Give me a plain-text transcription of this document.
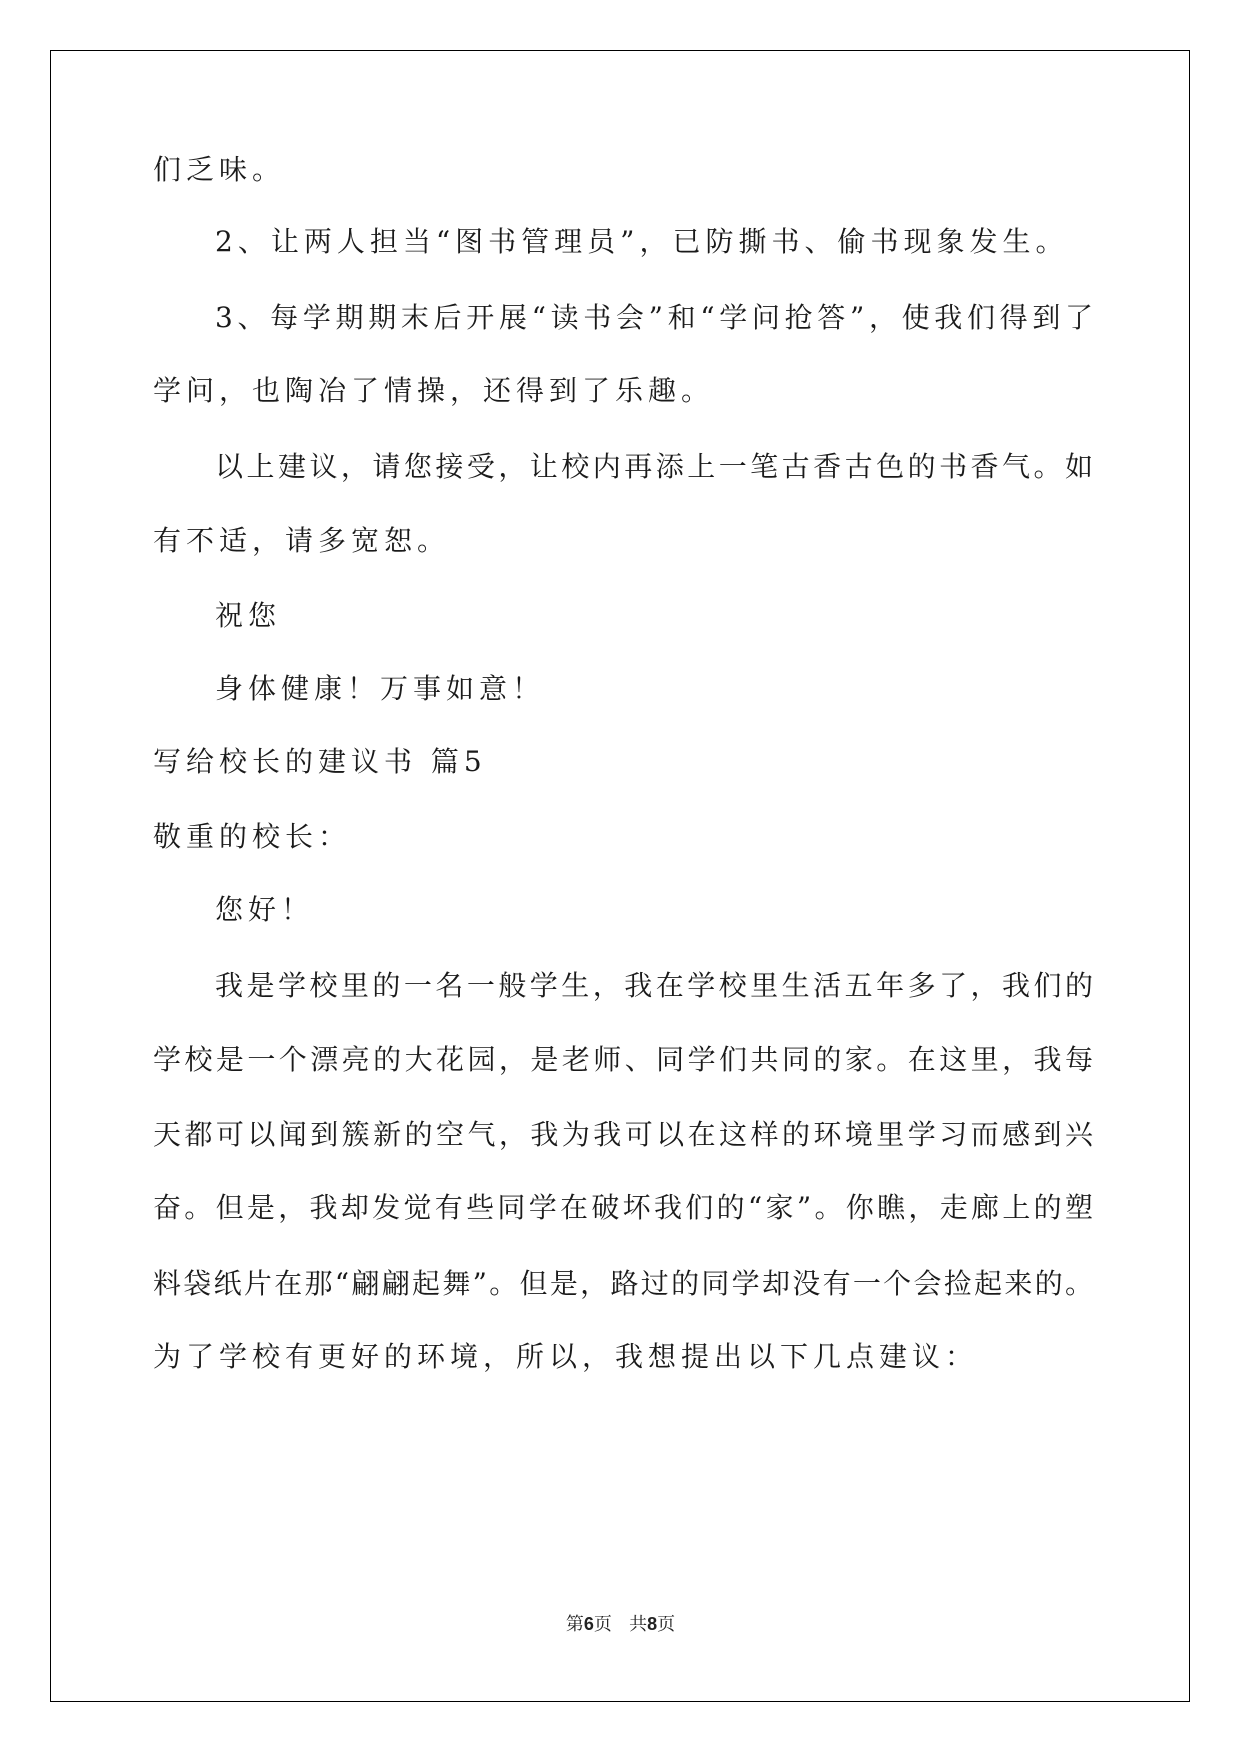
们乏味。

2、让两人担当“图书管理员”，已防撕书、偷书现象发生。

3、每学期期末后开展“读书会”和“学问抢答”，使我们得到了

学问，也陶冶了情操，还得到了乐趣。

以上建议，请您接受，让校内再添上一笔古香古色的书香气。如

有不适，请多宽恕。

祝您

身体健康！万事如意！

写给校长的建议书 篇5

敬重的校长：

您好！

我是学校里的一名一般学生，我在学校里生活五年多了，我们的

学校是一个漂亮的大花园，是老师、同学们共同的家。在这里，我每

天都可以闻到簇新的空气，我为我可以在这样的环境里学习而感到兴

奋。但是，我却发觉有些同学在破坏我们的“家”。你瞧，走廊上的塑

料袋纸片在那“翩翩起舞”。但是，路过的同学却没有一个会捡起来的。

为了学校有更好的环境，所以，我想提出以下几点建议：

第6页   共8页
